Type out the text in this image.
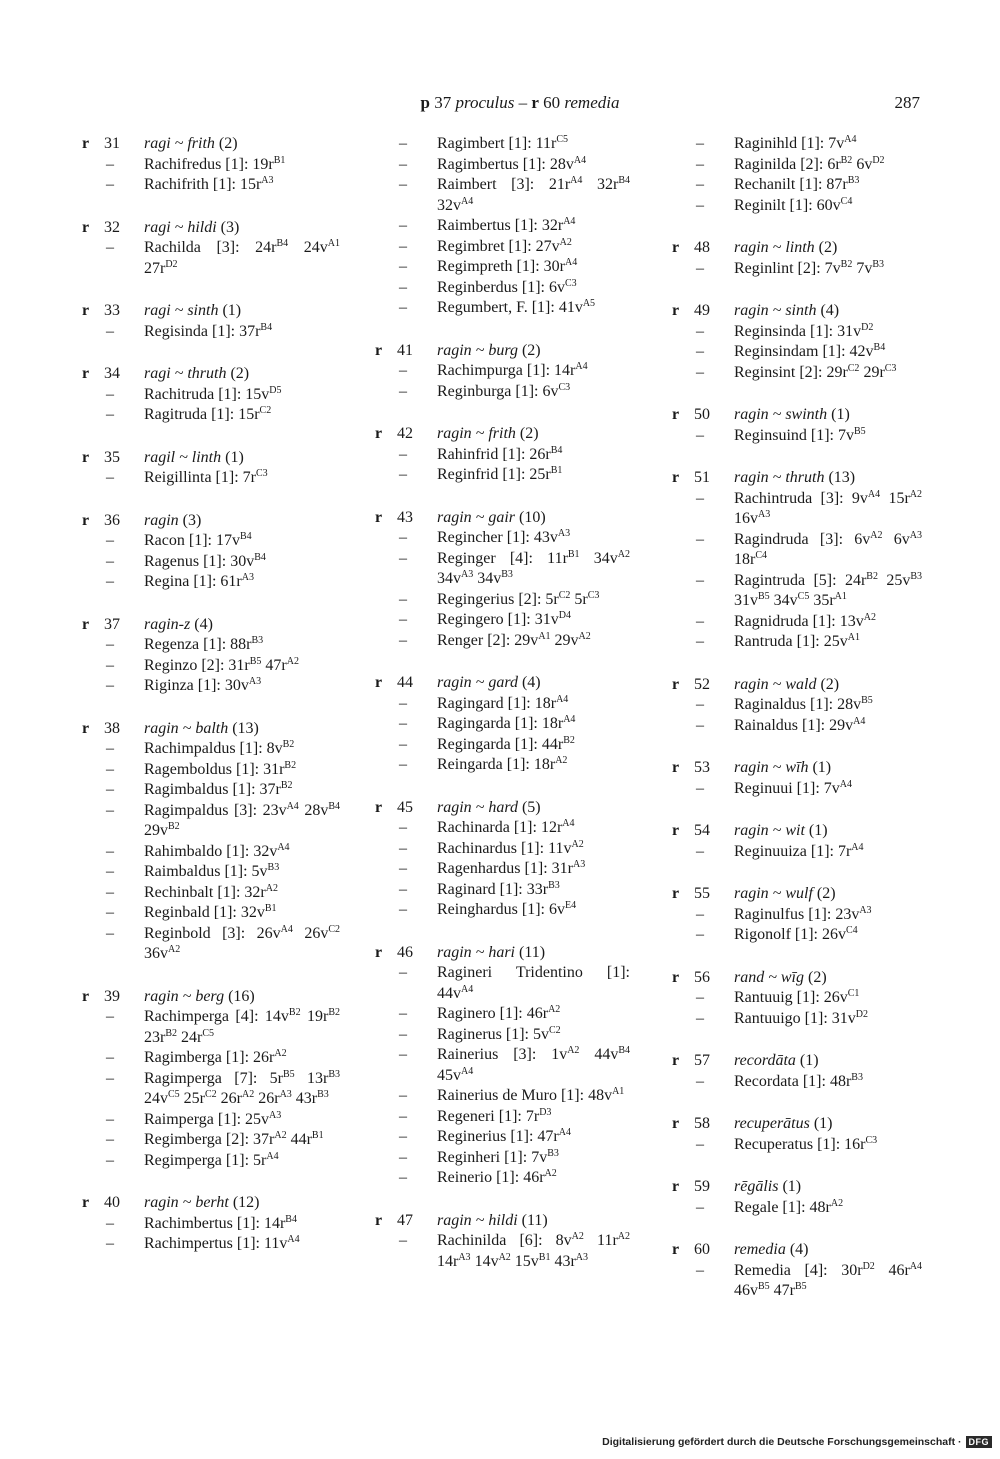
p 37 proculus – r 60 remedia	287
r 31	ragi ~ frith (2)
–	Rachifredus [1]: $19r^{B1}$
–	Rachifrith [1]: $15r^{A3}$
r 32	ragi ~ hildi (3)
–	Rachilda [3]: $24r^{B4}$ $24v^{A1}$ $27r^{D2}$
r 33	ragi ~ sinth (1)
–	Regisinda [1]: $37r^{B4}$
r 34	ragi ~ thruth (2)
–	Rachitruda [1]: $15v^{D5}$
–	Ragitruda [1]: $15r^{C2}$
r 35	ragil ~ linth (1)
–	Reigillinta [1]: $7r^{C3}$
r 36	ragin (3)
–	Racon [1]: $17v^{B4}$
–	Ragenus [1]: $30v^{B4}$
–	Regina [1]: $61r^{A3}$
r 37	ragin-z (4)
–	Regenza [1]: $88r^{B3}$
–	Reginzo [2]: $31r^{B5}$ $47r^{A2}$
–	Riginza [1]: $30v^{A3}$
r 38	ragin ~ balth (13)
–	Rachimpaldus [1]: $8v^{B2}$
–	Ragemboldus [1]: $31r^{B2}$
–	Ragimbaldus [1]: $37r^{B2}$
–	Ragimpaldus [3]: $23v^{A4}$ $28v^{B4}$ $29v^{B2}$
–	Rahimbaldo [1]: $32v^{A4}$
–	Raimbaldus [1]: $5v^{B3}$
–	Rechinbalt [1]: $32r^{A2}$
–	Reginbald [1]: $32v^{B1}$
–	Reginbold [3]: $26v^{A4}$ $26v^{C2}$ $36v^{A2}$
r 39	ragin ~ berg (16)
–	Rachimperga [4]: $14v^{B2}$ $19r^{B2}$ $23r^{B2}$ $24r^{C5}$
–	Ragimberga [1]: $26r^{A2}$
–	Ragimperga [7]: $5r^{B5}$ $13r^{B3}$ $24v^{C5}$ $25r^{C2}$ $26r^{A2}$ $26r^{A3}$ $43r^{B3}$
–	Raimperga [1]: $25v^{A3}$
–	Regimberga [2]: $37r^{A2}$ $44r^{B1}$
–	Regimperga [1]: $5r^{A4}$
r 40	ragin ~ berht (12)
–	Rachimbertus [1]: $14r^{B4}$
–	Rachimpertus [1]: $11v^{A4}$
–	Ragimbert [1]: $11r^{C5}$
–	Ragimbertus [1]: $28v^{A4}$
–	Raimbert [3]: $21r^{A4}$ $32r^{B4}$ $32v^{A4}$
–	Raimbertus [1]: $32r^{A4}$
–	Regimbret [1]: $27v^{A2}$
–	Regimpreth [1]: $30r^{A4}$
–	Reginberdus [1]: $6v^{C3}$
–	Regumbert, F. [1]: $41v^{A5}$
r 41	ragin ~ burg (2)
–	Rachimpurga [1]: $14r^{A4}$
–	Reginburga [1]: $6v^{C3}$
r 42	ragin ~ frith (2)
–	Rahinfrid [1]: $26r^{B4}$
–	Reginfrid [1]: $25r^{B1}$
r 43	ragin ~ gair (10)
–	Regincher [1]: $43v^{A3}$
–	Reginger [4]: $11r^{B1}$ $34v^{A2}$ $34v^{A3}$ $34v^{B3}$
–	Regingerius [2]: $5r^{C2}$ $5r^{C3}$
–	Regingero [1]: $31v^{D4}$
–	Renger [2]: $29v^{A1}$ $29v^{A2}$
r 44	ragin ~ gard (4)
–	Ragingard [1]: $18r^{A4}$
–	Ragingarda [1]: $18r^{A4}$
–	Regingarda [1]: $44r^{B2}$
–	Reingarda [1]: $18r^{A2}$
r 45	ragin ~ hard (5)
–	Rachinarda [1]: $12r^{A4}$
–	Rachinardus [1]: $11v^{A2}$
–	Ragenhardus [1]: $31r^{A3}$
–	Raginard [1]: $33r^{B3}$
–	Reinghardus [1]: $6v^{E4}$
r 46	ragin ~ hari (11)
–	Ragineri Tridentino [1]: $44v^{A4}$
–	Raginero [1]: $46r^{A2}$
–	Raginerus [1]: $5v^{C2}$
–	Rainerius [3]: $1v^{A2}$ $44v^{B4}$ $45v^{A4}$
–	Rainerius de Muro [1]: $48v^{A1}$
–	Regeneri [1]: $7r^{D3}$
–	Reginerius [1]: $47r^{A4}$
–	Reginheri [1]: $7v^{B3}$
–	Reinerio [1]: $46r^{A2}$
r 47	ragin ~ hildi (11)
–	Rachinilda [6]: $8v^{A2}$ $11r^{A2}$ $14r^{A3}$ $14v^{A2}$ $15v^{B1}$ $43r^{A3}$
–	Raginihld [1]: $7v^{A4}$
–	Raginilda [2]: $6r^{B2}$ $6v^{D2}$
–	Rechanilt [1]: $87r^{B3}$
–	Reginilt [1]: $60v^{C4}$
r 48	ragin ~ linth (2)
–	Reginlint [2]: $7v^{B2}$ $7v^{B3}$
r 49	ragin ~ sinth (4)
–	Reginsinda [1]: $31v^{D2}$
–	Reginsindam [1]: $42v^{B4}$
–	Reginsint [2]: $29r^{C2}$ $29r^{C3}$
r 50	ragin ~ swinth (1)
–	Reginsuind [1]: $7v^{B5}$
r 51	ragin ~ thruth (13)
–	Rachintruda [3]: $9v^{A4}$ $15r^{A2}$ $16v^{A3}$
–	Ragindruda [3]: $6v^{A2}$ $6v^{A3}$ $18r^{C4}$
–	Ragintruda [5]: $24r^{B2}$ $25v^{B3}$ $31v^{B5}$ $34v^{C5}$ $35r^{A1}$
–	Ragnidruda [1]: $13v^{A2}$
–	Rantruda [1]: $25v^{A1}$
r 52	ragin ~ wald (2)
–	Raginaldus [1]: $28v^{B5}$
–	Rainaldus [1]: $29v^{A4}$
r 53	ragin ~ wīh (1)
–	Reginuui [1]: $7v^{A4}$
r 54	ragin ~ wit (1)
–	Reginuuiza [1]: $7r^{A4}$
r 55	ragin ~ wulf (2)
–	Raginulfus [1]: $23v^{A3}$
–	Rigonolf [1]: $26v^{C4}$
r 56	rand ~ wīg (2)
–	Rantuuig [1]: $26v^{C1}$
–	Rantuuigo [1]: $31v^{D2}$
r 57	recordāta (1)
–	Recordata [1]: $48r^{B3}$
r 58	recuperātus (1)
–	Recuperatus [1]: $16r^{C3}$
r 59	rēgālis (1)
–	Regale [1]: $48r^{A2}$
r 60	remedia (4)
–	Remedia [4]: $30r^{D2}$ $46r^{A4}$ $46v^{B5}$ $47r^{B5}$
Digitalisierung gefördert durch die Deutsche Forschungsgemeinschaft · DFG
